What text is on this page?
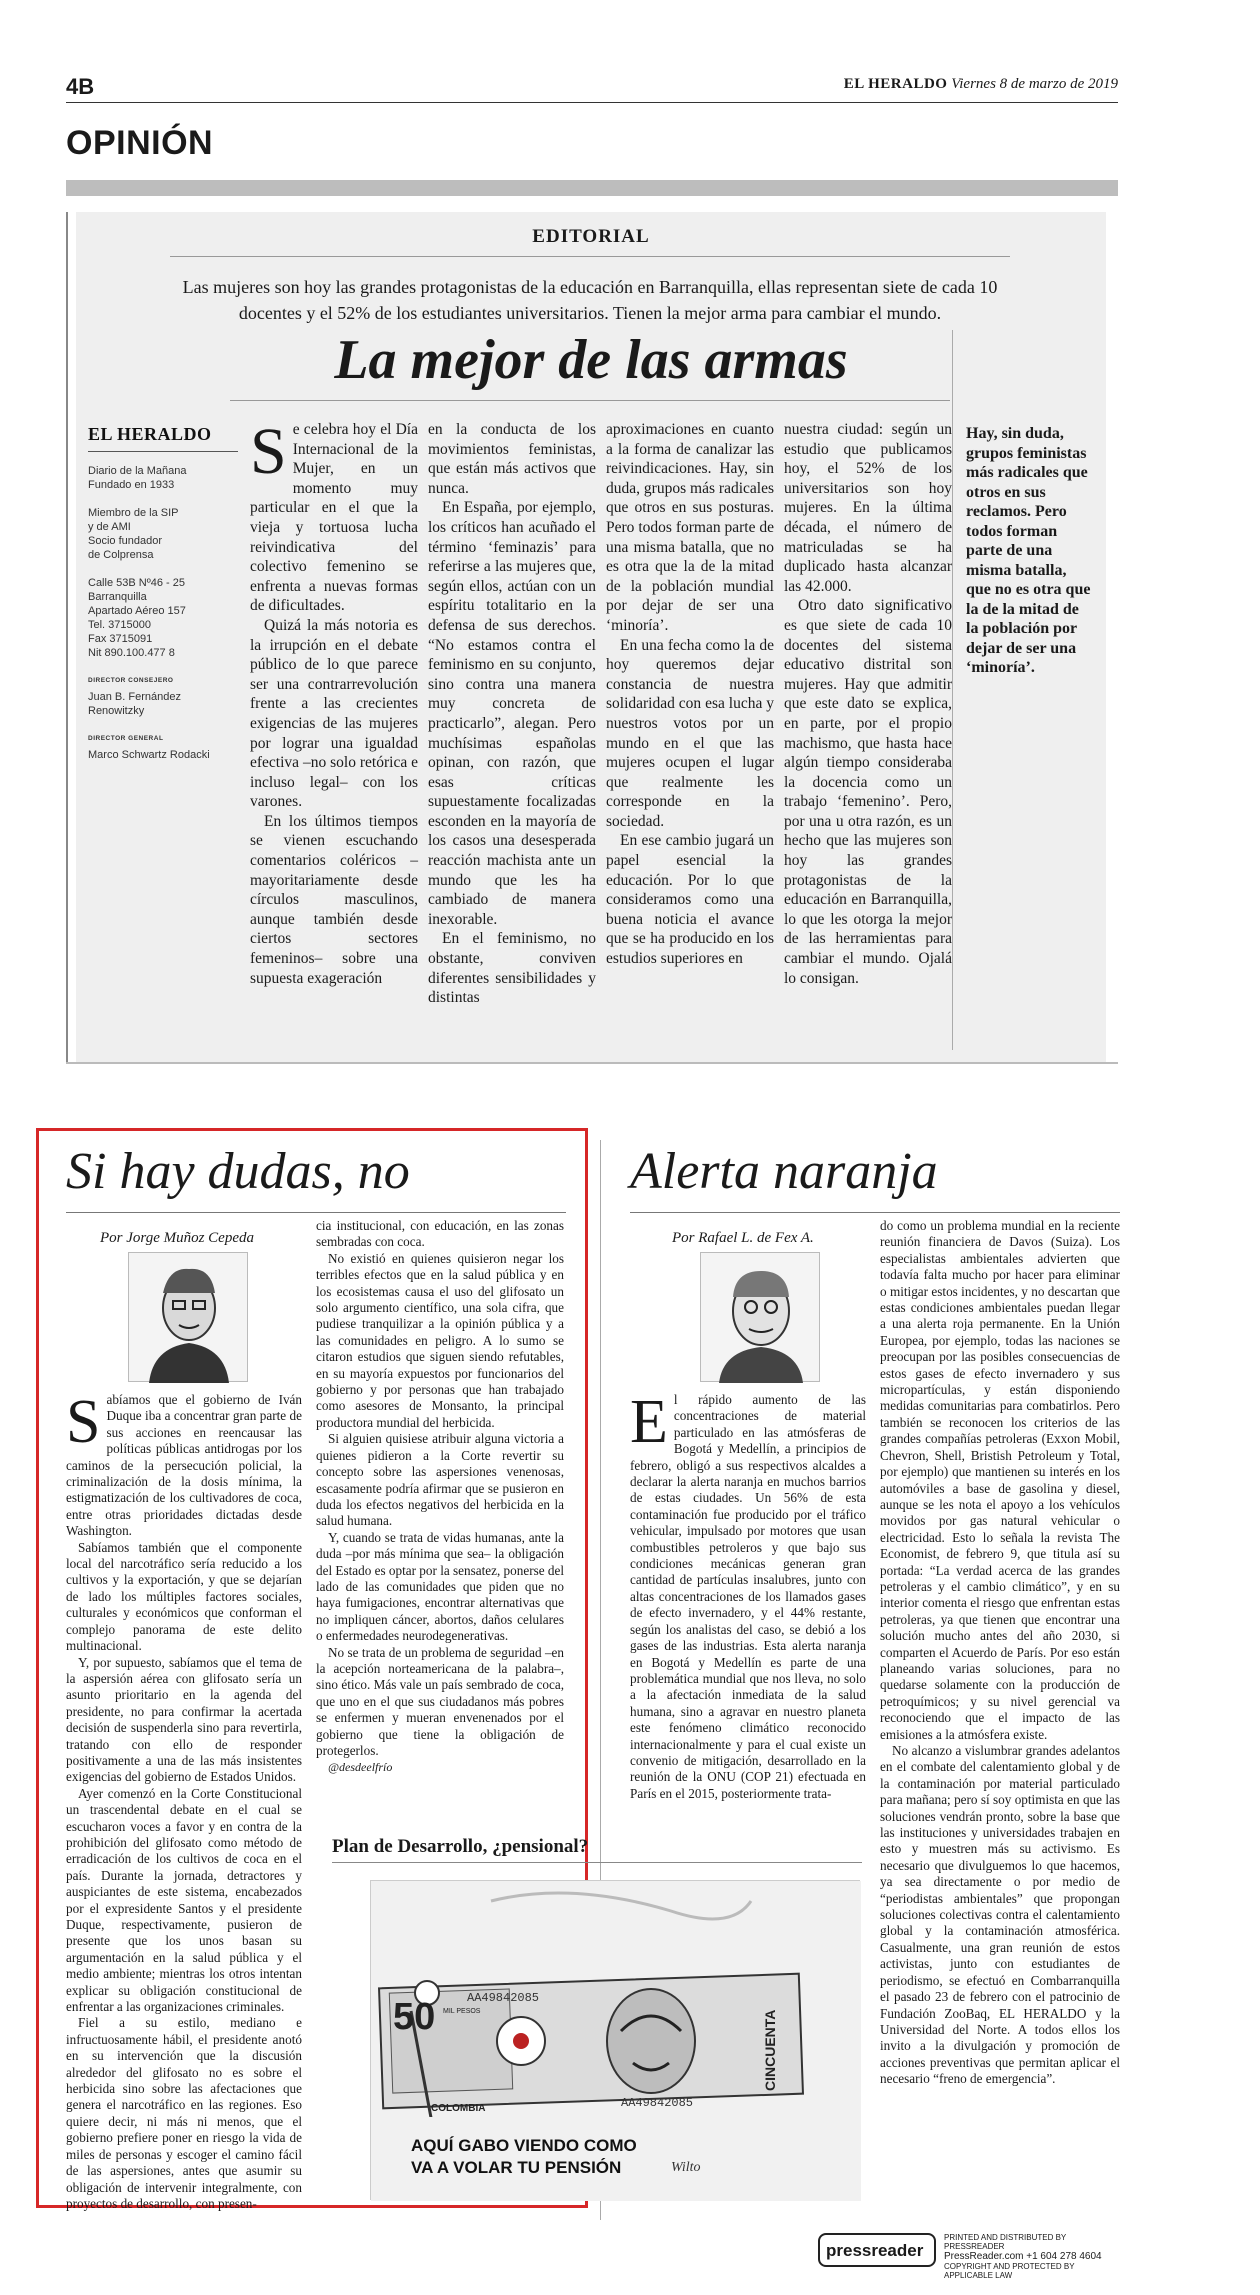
4B	EL HERALDO Viernes 8 de marzo de 2019
OPINIÓN
EDITORIAL
Las mujeres son hoy las grandes protagonistas de la educación en Barranquilla, ellas representan siete de cada 10 docentes y el 52% de los estudiantes universitarios. Tienen la mejor arma para cambiar el mundo.
La mejor de las armas
EL HERALDO

Diario de la Mañana
Fundado en 1933

Miembro de la SIP
y de AMI
Socio fundador
de Colprensa

Calle 53B Nº46 - 25
Barranquilla
Apartado Aéreo 157
Tel. 3715000
Fax 3715091
Nit 890.100.477 8

DIRECTOR CONSEJERO

Juan B. Fernández
Renowitzky

DIRECTOR GENERAL

Marco Schwartz Rodacki

Se celebra hoy el Día Internacional de la Mujer, en un momento muy particular en el que la vieja y tortuosa lucha reivindicativa del colectivo femenino se enfrenta a nuevas formas de dificultades.

Quizá la más notoria es la irrupción en el debate público de lo que parece ser una contrarrevolución frente a las crecientes exigencias de las mujeres por lograr una igualdad efectiva –no solo retórica e incluso legal– con los varones.

En los últimos tiempos se vienen escuchando comentarios coléricos –mayoritariamente desde círculos masculinos, aunque también desde ciertos sectores femeninos– sobre una supuesta exageración

en la conducta de los movimientos feministas, que están más activos que nunca.

En España, por ejemplo, los críticos han acuñado el término ‘feminazis’ para referirse a las mujeres que, según ellos, actúan con un espíritu totalitario en la defensa de sus derechos. “No estamos contra el feminismo en su conjunto, sino contra una manera muy concreta de practicarlo”, alegan. Pero muchísimas españolas opinan, con razón, que esas críticas supuestamente focalizadas esconden en la mayoría de los casos una desesperada reacción machista ante un mundo que les ha cambiado de manera inexorable.

En el feminismo, no obstante, conviven diferentes sensibilidades y distintas

aproximaciones en cuanto a la forma de canalizar las reivindicaciones. Hay, sin duda, grupos más radicales que otros en sus posturas. Pero todos forman parte de una misma batalla, que no es otra que la de la mitad de la población mundial por dejar de ser una ‘minoría’.

En una fecha como la de hoy queremos dejar constancia de nuestra solidaridad con esa lucha y nuestros votos por un mundo en el que las mujeres ocupen el lugar que realmente les corresponde en la sociedad.

En ese cambio jugará un papel esencial la educación. Por lo que consideramos como una buena noticia el avance que se ha producido en los estudios superiores en

nuestra ciudad: según un estudio que publicamos hoy, el 52% de los universitarios son hoy mujeres. En la última década, el número de matriculadas se ha duplicado hasta alcanzar las 42.000.

Otro dato significativo es que siete de cada 10 docentes del sistema educativo distrital son mujeres. Hay que admitir que este dato se explica, en parte, por el propio machismo, que hasta hace algún tiempo consideraba la docencia como un trabajo ‘femenino’. Pero, por una u otra razón, es un hecho que las mujeres son hoy las grandes protagonistas de la educación en Barranquilla, lo que les otorga la mejor de las herramientas para cambiar el mundo. Ojalá lo consigan.

Hay, sin duda, grupos feministas más radicales que otros en sus reclamos. Pero todos forman parte de una misma batalla, que no es otra que la de la mitad de la población por dejar de ser una ‘minoría’.
Si hay dudas, no
Por Jorge Muñoz Cepeda

Sabíamos que el gobierno de Iván Duque iba a concentrar gran parte de sus acciones en reencausar las políticas públicas antidrogas por los caminos de la persecución policial, la criminalización de la dosis mínima, la estigmatización de los cultivadores de coca, entre otras prioridades dictadas desde Washington.

Sabíamos también que el componente local del narcotráfico sería reducido a los cultivos y la exportación, y que se dejarían de lado los múltiples factores sociales, culturales y económicos que conforman el complejo panorama de este delito multinacional.

Y, por supuesto, sabíamos que el tema de la aspersión aérea con glifosato sería un asunto prioritario en la agenda del presidente, no para confirmar la acertada decisión de suspenderla sino para revertirla, tratando con ello de responder positivamente a una de las más insistentes exigencias del gobierno de Estados Unidos.

Ayer comenzó en la Corte Constitucional un trascendental debate en el cual se escucharon voces a favor y en contra de la prohibición del glifosato como método de erradicación de los cultivos de coca en el país. Durante la jornada, detractores y auspiciantes de este sistema, encabezados por el expresidente Santos y el presidente Duque, respectivamente, pusieron de presente que los unos basan su argumentación en la salud pública y el medio ambiente; mientras los otros intentan explicar su obligación constitucional de enfrentar a las organizaciones criminales.

Fiel a su estilo, mediano e infructuosamente hábil, el presidente anotó en su intervención que la discusión alrededor del glifosato no es sobre el herbicida sino sobre las afectaciones que genera el narcotráfico en las regiones. Eso quiere decir, ni más ni menos, que el gobierno prefiere poner en riesgo la vida de miles de personas y escoger el camino fácil de las aspersiones, antes que asumir su obligación de intervenir integralmente, con proyectos de desarrollo, con presen-

cia institucional, con educación, en las zonas sembradas con coca.

No existió en quienes quisieron negar los terribles efectos que en la salud pública y en los ecosistemas causa el uso del glifosato un solo argumento científico, una sola cifra, que pudiese tranquilizar a la opinión pública y a las comunidades en peligro. A lo sumo se citaron estudios que siguen siendo refutables, en su mayoría expuestos por funcionarios del gobierno y por personas que han trabajado como asesores de Monsanto, la principal productora mundial del herbicida.

Si alguien quisiese atribuir alguna victoria a quienes pidieron a la Corte revertir su concepto sobre las aspersiones venenosas, escasamente podría afirmar que se pusieron en duda los efectos negativos del herbicida en la salud humana.

Y, cuando se trata de vidas humanas, ante la duda –por más mínima que sea– la obligación del Estado es optar por la sensatez, ponerse del lado de las comunidades que piden que no haya fumigaciones, encontrar alternativas que no impliquen cáncer, abortos, daños celulares o enfermedades neurodegenerativas.

No se trata de un problema de seguridad –en la acepción norteamericana de la palabra–, sino ético. Más vale un país sembrado de coca, que uno en el que sus ciudadanos más pobres se enfermen y mueran envenenados por el gobierno que tiene la obligación de protegerlos.

@desdeelfrío

Alerta naranja
Por Rafael L. de Fex A.

El rápido aumento de las concentraciones de material particulado en las atmósferas de Bogotá y Medellín, a principios de febrero, obligó a sus respectivos alcaldes a declarar la alerta naranja en muchos barrios de estas ciudades. Un 56% de esta contaminación fue producido por el tráfico vehicular, impulsado por motores que usan combustibles petroleros y que bajo sus condiciones mecánicas generan gran cantidad de partículas insalubres, junto con altas concentraciones de los llamados gases de efecto invernadero, y el 44% restante, según los analistas del caso, se debió a los gases de las industrias. Esta alerta naranja en Bogotá y Medellín es parte de una problemática mundial que nos lleva, no solo a la afectación inmediata de la salud humana, sino a agravar en nuestro planeta este fenómeno climático reconocido internacionalmente y para el cual existe un convenio de mitigación, desarrollado en la reunión de la ONU (COP 21) efectuada en París en el 2015, posteriormente trata-

do como un problema mundial en la reciente reunión financiera de Davos (Suiza). Los especialistas ambientales advierten que todavía falta mucho por hacer para eliminar o mitigar estos incidentes, y no descartan que estas condiciones ambientales puedan llegar a una alerta roja permanente. En la Unión Europea, por ejemplo, todas las naciones se preocupan por las posibles consecuencias de estos gases de efecto invernadero y sus micropartículas, y están disponiendo medidas comunitarias para combatirlos. Pero también se reconocen los criterios de las grandes compañías petroleras (Exxon Mobil, Chevron, Shell, Bristish Petroleum y Total, por ejemplo) que mantienen su interés en los automóviles a base de gasolina y diesel, aunque se les nota el apoyo a los vehículos movidos por gas natural vehicular o electricidad. Esto lo señala la revista The Economist, de febrero 9, que titula así su portada: “La verdad acerca de las grandes petroleras y el cambio climático”, y en su interior comenta el riesgo que enfrentan estas petroleras, ya que tienen que encontrar una solución mucho antes del año 2030, si comparten el Acuerdo de París. Por eso están planeando varias soluciones, para no quedarse solamente con la producción de petroquímicos; y su nivel gerencial va reconociendo que el impacto de las emisiones a la atmósfera existe.

No alcanzo a vislumbrar grandes adelantos en el combate del calentamiento global y de la contaminación por material particulado para mañana; pero sí soy optimista en que las soluciones vendrán pronto, sobre la base que las instituciones y universidades trabajen en esto y muestren más su activismo. Es necesario que divulguemos lo que hacemos, ya sea directamente o por medio de “periodistas ambientales” que propongan soluciones colectivas contra el calentamiento global y la contaminación atmosférica. Casualmente, una gran reunión de estos activistas, junto con estudiantes de periodismo, se efectuó en Combarranquilla el pasado 23 de febrero con el patrocinio de Fundación ZooBaq, EL HERALDO y la Universidad del Norte. A todos ellos los invito a la divulgación y promoción de acciones preventivas que permitan aplicar el necesario “freno de emergencia”.

Plan de Desarrollo, ¿pensional?
50 MIL PESOS
AA49842085
AA49842085
COLOMBIA
CINCUENTA
AQUÍ GABO VIENDO COMO
VA A VOLAR TU PENSIÓN	Wilto
pressreader
PRINTED AND DISTRIBUTED BY PRESSREADER
PressReader.com +1 604 278 4604
COPYRIGHT AND PROTECTED BY APPLICABLE LAW
